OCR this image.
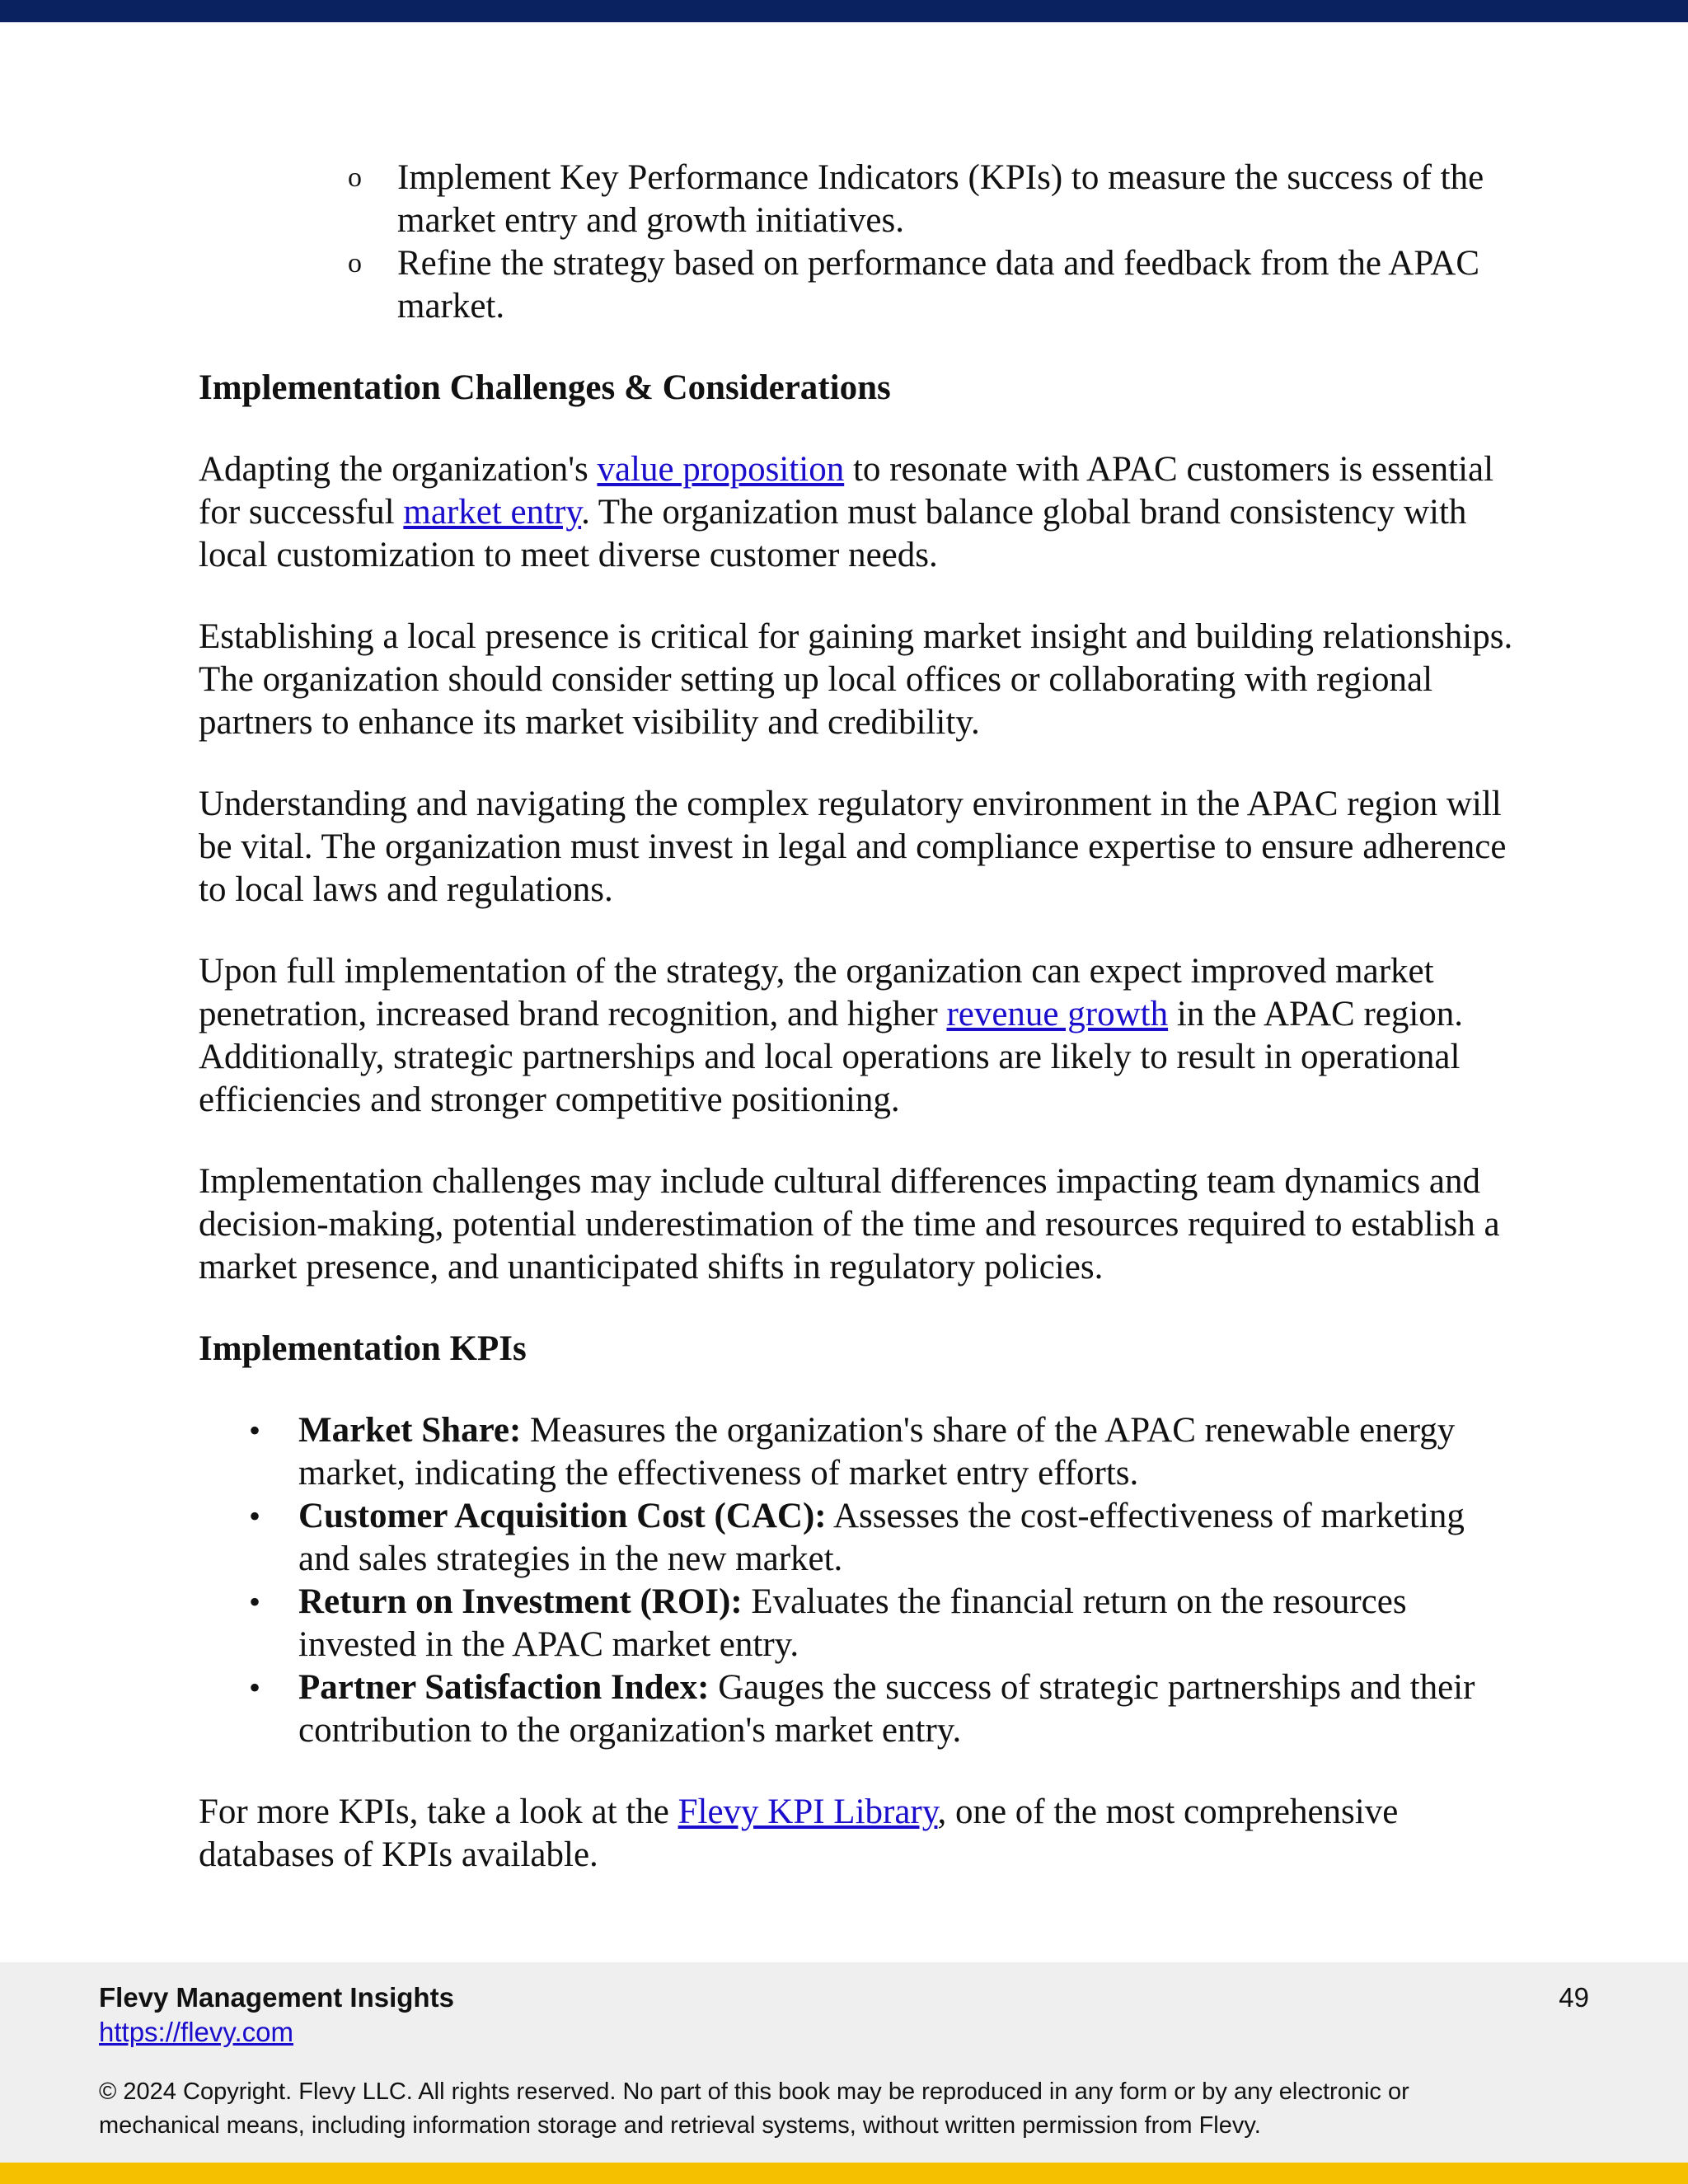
o Implement Key Performance Indicators (KPIs) to measure the success of the market entry and growth initiatives.
o Refine the strategy based on performance data and feedback from the APAC market.
Implementation Challenges & Considerations

Adapting the organization's value proposition to resonate with APAC customers is essential for successful market entry. The organization must balance global brand consistency with local customization to meet diverse customer needs.

Establishing a local presence is critical for gaining market insight and building relationships. The organization should consider setting up local offices or collaborating with regional partners to enhance its market visibility and credibility.

Understanding and navigating the complex regulatory environment in the APAC region will be vital. The organization must invest in legal and compliance expertise to ensure adherence to local laws and regulations.

Upon full implementation of the strategy, the organization can expect improved market penetration, increased brand recognition, and higher revenue growth in the APAC region. Additionally, strategic partnerships and local operations are likely to result in operational efficiencies and stronger competitive positioning.

Implementation challenges may include cultural differences impacting team dynamics and decision-making, potential underestimation of the time and resources required to establish a market presence, and unanticipated shifts in regulatory policies.

Implementation KPIs
• Market Share: Measures the organization's share of the APAC renewable energy market, indicating the effectiveness of market entry efforts.
• Customer Acquisition Cost (CAC): Assesses the cost-effectiveness of marketing and sales strategies in the new market.
• Return on Investment (ROI): Evaluates the financial return on the resources invested in the APAC market entry.
• Partner Satisfaction Index: Gauges the success of strategic partnerships and their contribution to the organization's market entry.

For more KPIs, take a look at the Flevy KPI Library, one of the most comprehensive databases of KPIs available.

Flevy Management Insights
https://flevy.com
49
© 2024 Copyright. Flevy LLC. All rights reserved. No part of this book may be reproduced in any form or by any electronic or mechanical means, including information storage and retrieval systems, without written permission from Flevy.
